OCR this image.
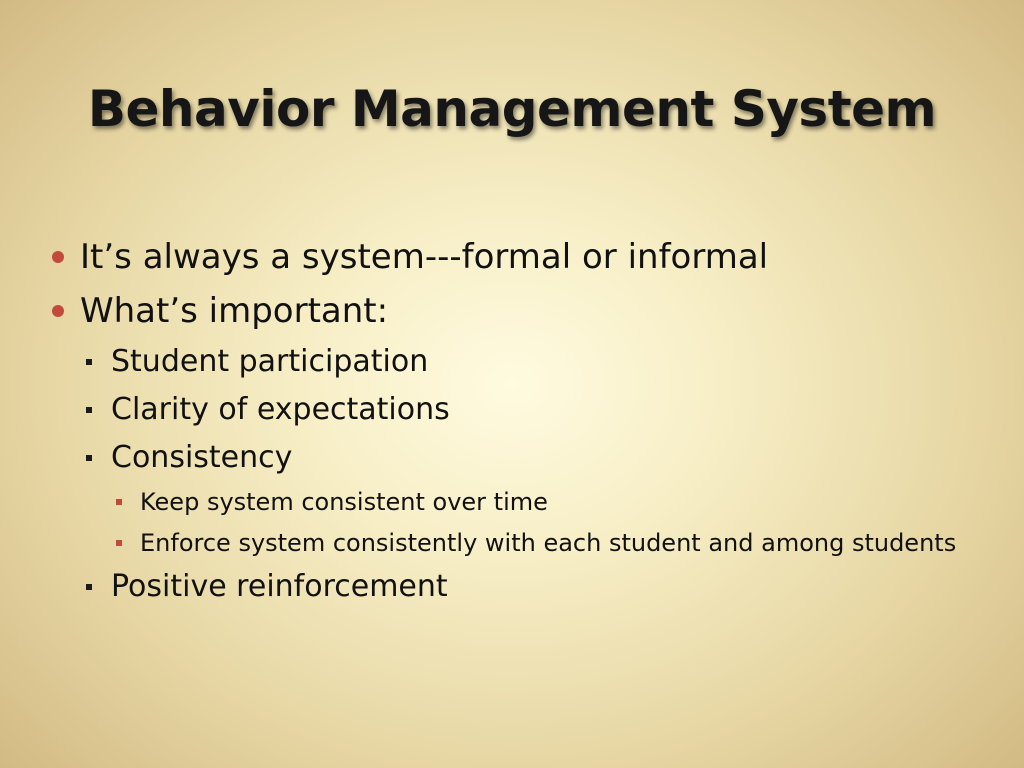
Behavior Management System
It’s always a system---formal or informal
What’s important:
Student participation
Clarity of expectations
Consistency
Keep system consistent over time
Enforce system consistently with each student and among students
Positive reinforcement
